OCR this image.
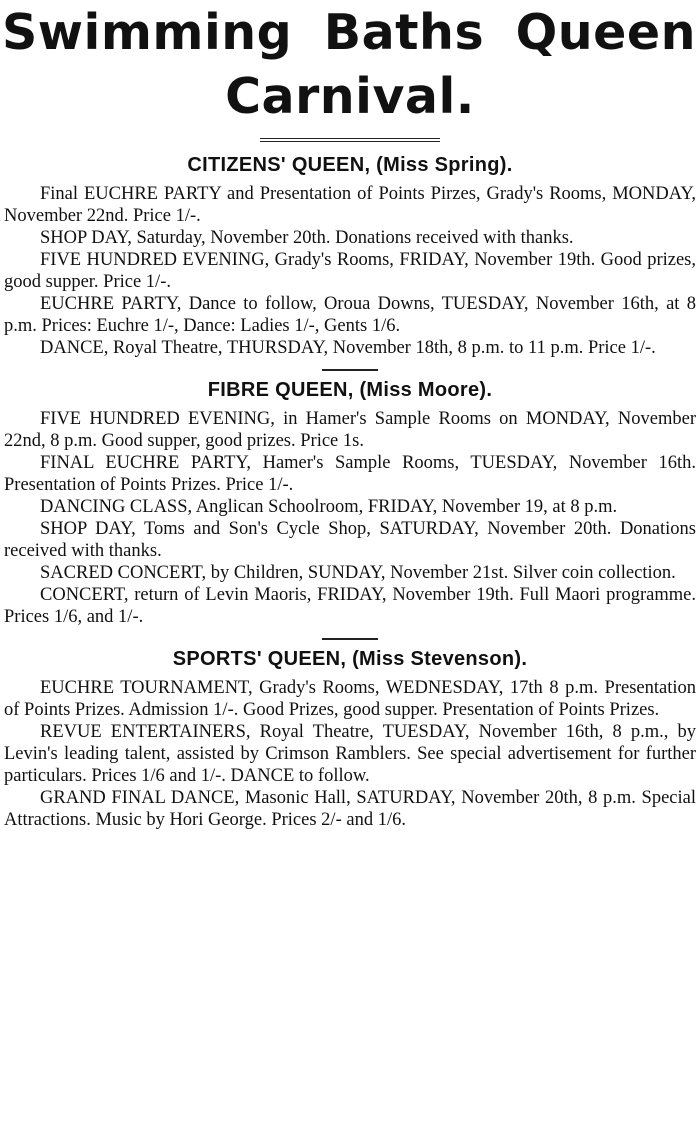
Swimming Baths Queen
Carnival.
CITIZENS' QUEEN, (Miss Spring).

Final EUCHRE PARTY and Presentation of Points Pirzes, Grady's Rooms, MONDAY, November 22nd. Price 1/-.

SHOP DAY, Saturday, November 20th. Donations received with thanks.

FIVE HUNDRED EVENING, Grady's Rooms, FRIDAY, November 19th. Good prizes, good supper. Price 1/-.

EUCHRE PARTY, Dance to follow, Oroua Downs, TUESDAY, November 16th, at 8 p.m. Prices: Euchre 1/-, Dance: Ladies 1/-, Gents 1/6.

DANCE, Royal Theatre, THURSDAY, November 18th, 8 p.m. to 11 p.m. Price 1/-.

FIBRE QUEEN, (Miss Moore).

FIVE HUNDRED EVENING, in Hamer's Sample Rooms on MONDAY, November 22nd, 8 p.m. Good supper, good prizes. Price 1s.

FINAL EUCHRE PARTY, Hamer's Sample Rooms, TUESDAY, November 16th. Presentation of Points Prizes. Price 1/-.

DANCING CLASS, Anglican Schoolroom, FRIDAY, November 19, at 8 p.m.

SHOP DAY, Toms and Son's Cycle Shop, SATURDAY, November 20th. Donations received with thanks.

SACRED CONCERT, by Children, SUNDAY, November 21st. Silver coin collection.

CONCERT, return of Levin Maoris, FRIDAY, November 19th. Full Maori programme. Prices 1/6, and 1/-.

SPORTS' QUEEN, (Miss Stevenson).

EUCHRE TOURNAMENT, Grady's Rooms, WEDNESDAY, 17th 8 p.m. Presentation of Points Prizes. Admission 1/-. Good Prizes, good supper. Presentation of Points Prizes.

REVUE ENTERTAINERS, Royal Theatre, TUESDAY, November 16th, 8 p.m., by Levin's leading talent, assisted by Crimson Ramblers. See special advertisement for further particulars. Prices 1/6 and 1/-. DANCE to follow.

GRAND FINAL DANCE, Masonic Hall, SATURDAY, November 20th, 8 p.m. Special Attractions. Music by Hori George. Prices 2/- and 1/6.
